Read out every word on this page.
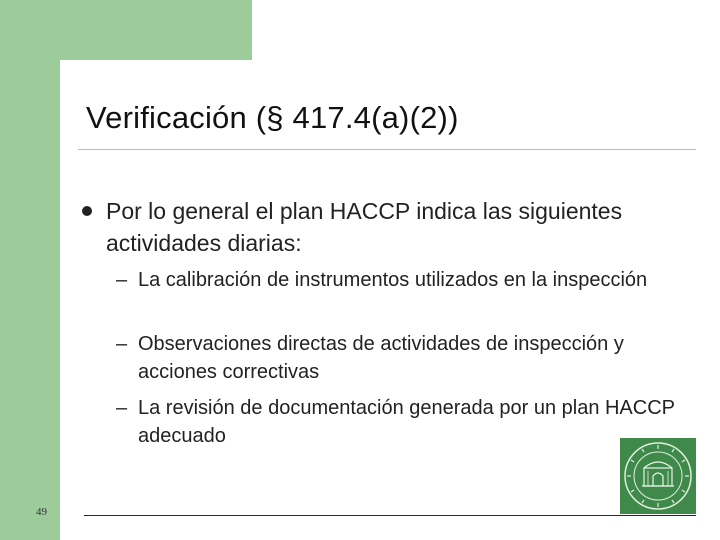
Verificación (§ 417.4(a)(2))
Por lo general el plan HACCP indica las siguientes actividades diarias:
– La calibración de instrumentos utilizados en la inspección
– Observaciones directas de actividades de inspección y acciones correctivas
– La revisión de documentación generada por un plan HACCP adecuado
49
